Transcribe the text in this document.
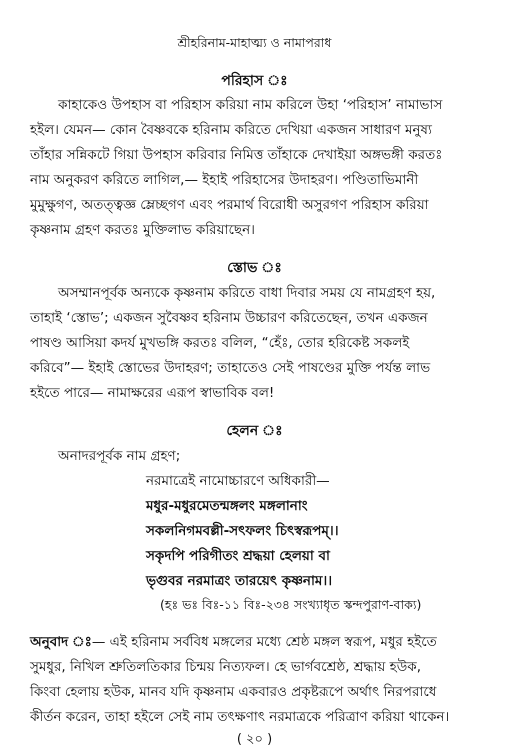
শ্রীহরিনাম-মাহাত্ম্য ও নামাপরাধ
পরিহাস ঃ
কাহাকেও উপহাস বা পরিহাস করিয়া নাম করিলে উহা ‘পরিহাস’ নামাভাস
হইল। যেমন— কোন বৈষ্ণবকে হরিনাম করিতে দেখিয়া একজন সাধারণ মনুষ্য
তাঁহার সন্নিকটে গিয়া উপহাস করিবার নিমিত্ত তাঁহাকে দেখাইয়া অঙ্গভঙ্গী করতঃ
নাম অনুকরণ করিতে লাগিল,— ইহাই পরিহাসের উদাহরণ। পণ্ডিতাভিমানী
মুমুক্ষুগণ, অতত্ত্বজ্ঞ ম্লেচ্ছগণ এবং পরমার্থ বিরোধী অসুরগণ পরিহাস করিয়া
কৃষ্ণনাম গ্রহণ করতঃ মুক্তিলাভ করিয়াছেন।
স্তোভ ঃ
অসম্মানপূর্বক অন্যকে কৃষ্ণনাম করিতে বাধা দিবার সময় যে নামগ্রহণ হয়,
তাহাই ‘স্তোভ’; একজন সুবৈষ্ণব হরিনাম উচ্চারণ করিতেছেন, তখন একজন
পাষণ্ড আসিয়া কদর্য মুখভঙ্গি করতঃ বলিল, “হেঁঃ, তোর হরিকেষ্ট সকলই
করিবে”— ইহাই স্তোভের উদাহরণ; তাহাতেও সেই পাষণ্ডের মুক্তি পর্যন্ত লাভ
হইতে পারে— নামাক্ষরের এরূপ স্বাভাবিক বল!
হেলন ঃ
অনাদরপূর্বক নাম গ্রহণ;
নরমাত্রেই নামোচ্চারণে অধিকারী—
মধুর-মধুরমেতন্মঙ্গলং মঙ্গলানাং
সকলনিগমবল্লী-সৎফলং চিৎস্বরূপম্।।
সকৃদপি পরিগীতং শ্রদ্ধয়া হেলয়া বা
ভৃগুবর নরমাত্রং তারয়েৎ কৃষ্ণনাম।।
(হঃ ভঃ বিঃ-১১ বিঃ-২৩৪ সংখ্যাধৃত স্কন্দপুরাণ-বাক্য)
অনুবাদ ঃ— এই হরিনাম সর্ববিধ মঙ্গলের মধ্যে শ্রেষ্ঠ মঙ্গল স্বরূপ, মধুর হইতে
সুমধুর, নিখিল শ্রুতিলতিকার চিন্ময় নিত্যফল। হে ভার্গবশ্রেষ্ঠ, শ্রদ্ধায় হউক,
কিংবা হেলায় হউক, মানব যদি কৃষ্ণনাম একবারও প্রকৃষ্টরূপে অর্থাৎ নিরপরাধে
কীর্তন করেন, তাহা হইলে সেই নাম তৎক্ষণাৎ নরমাত্রকে পরিত্রাণ করিয়া থাকেন।
( ২০ )
